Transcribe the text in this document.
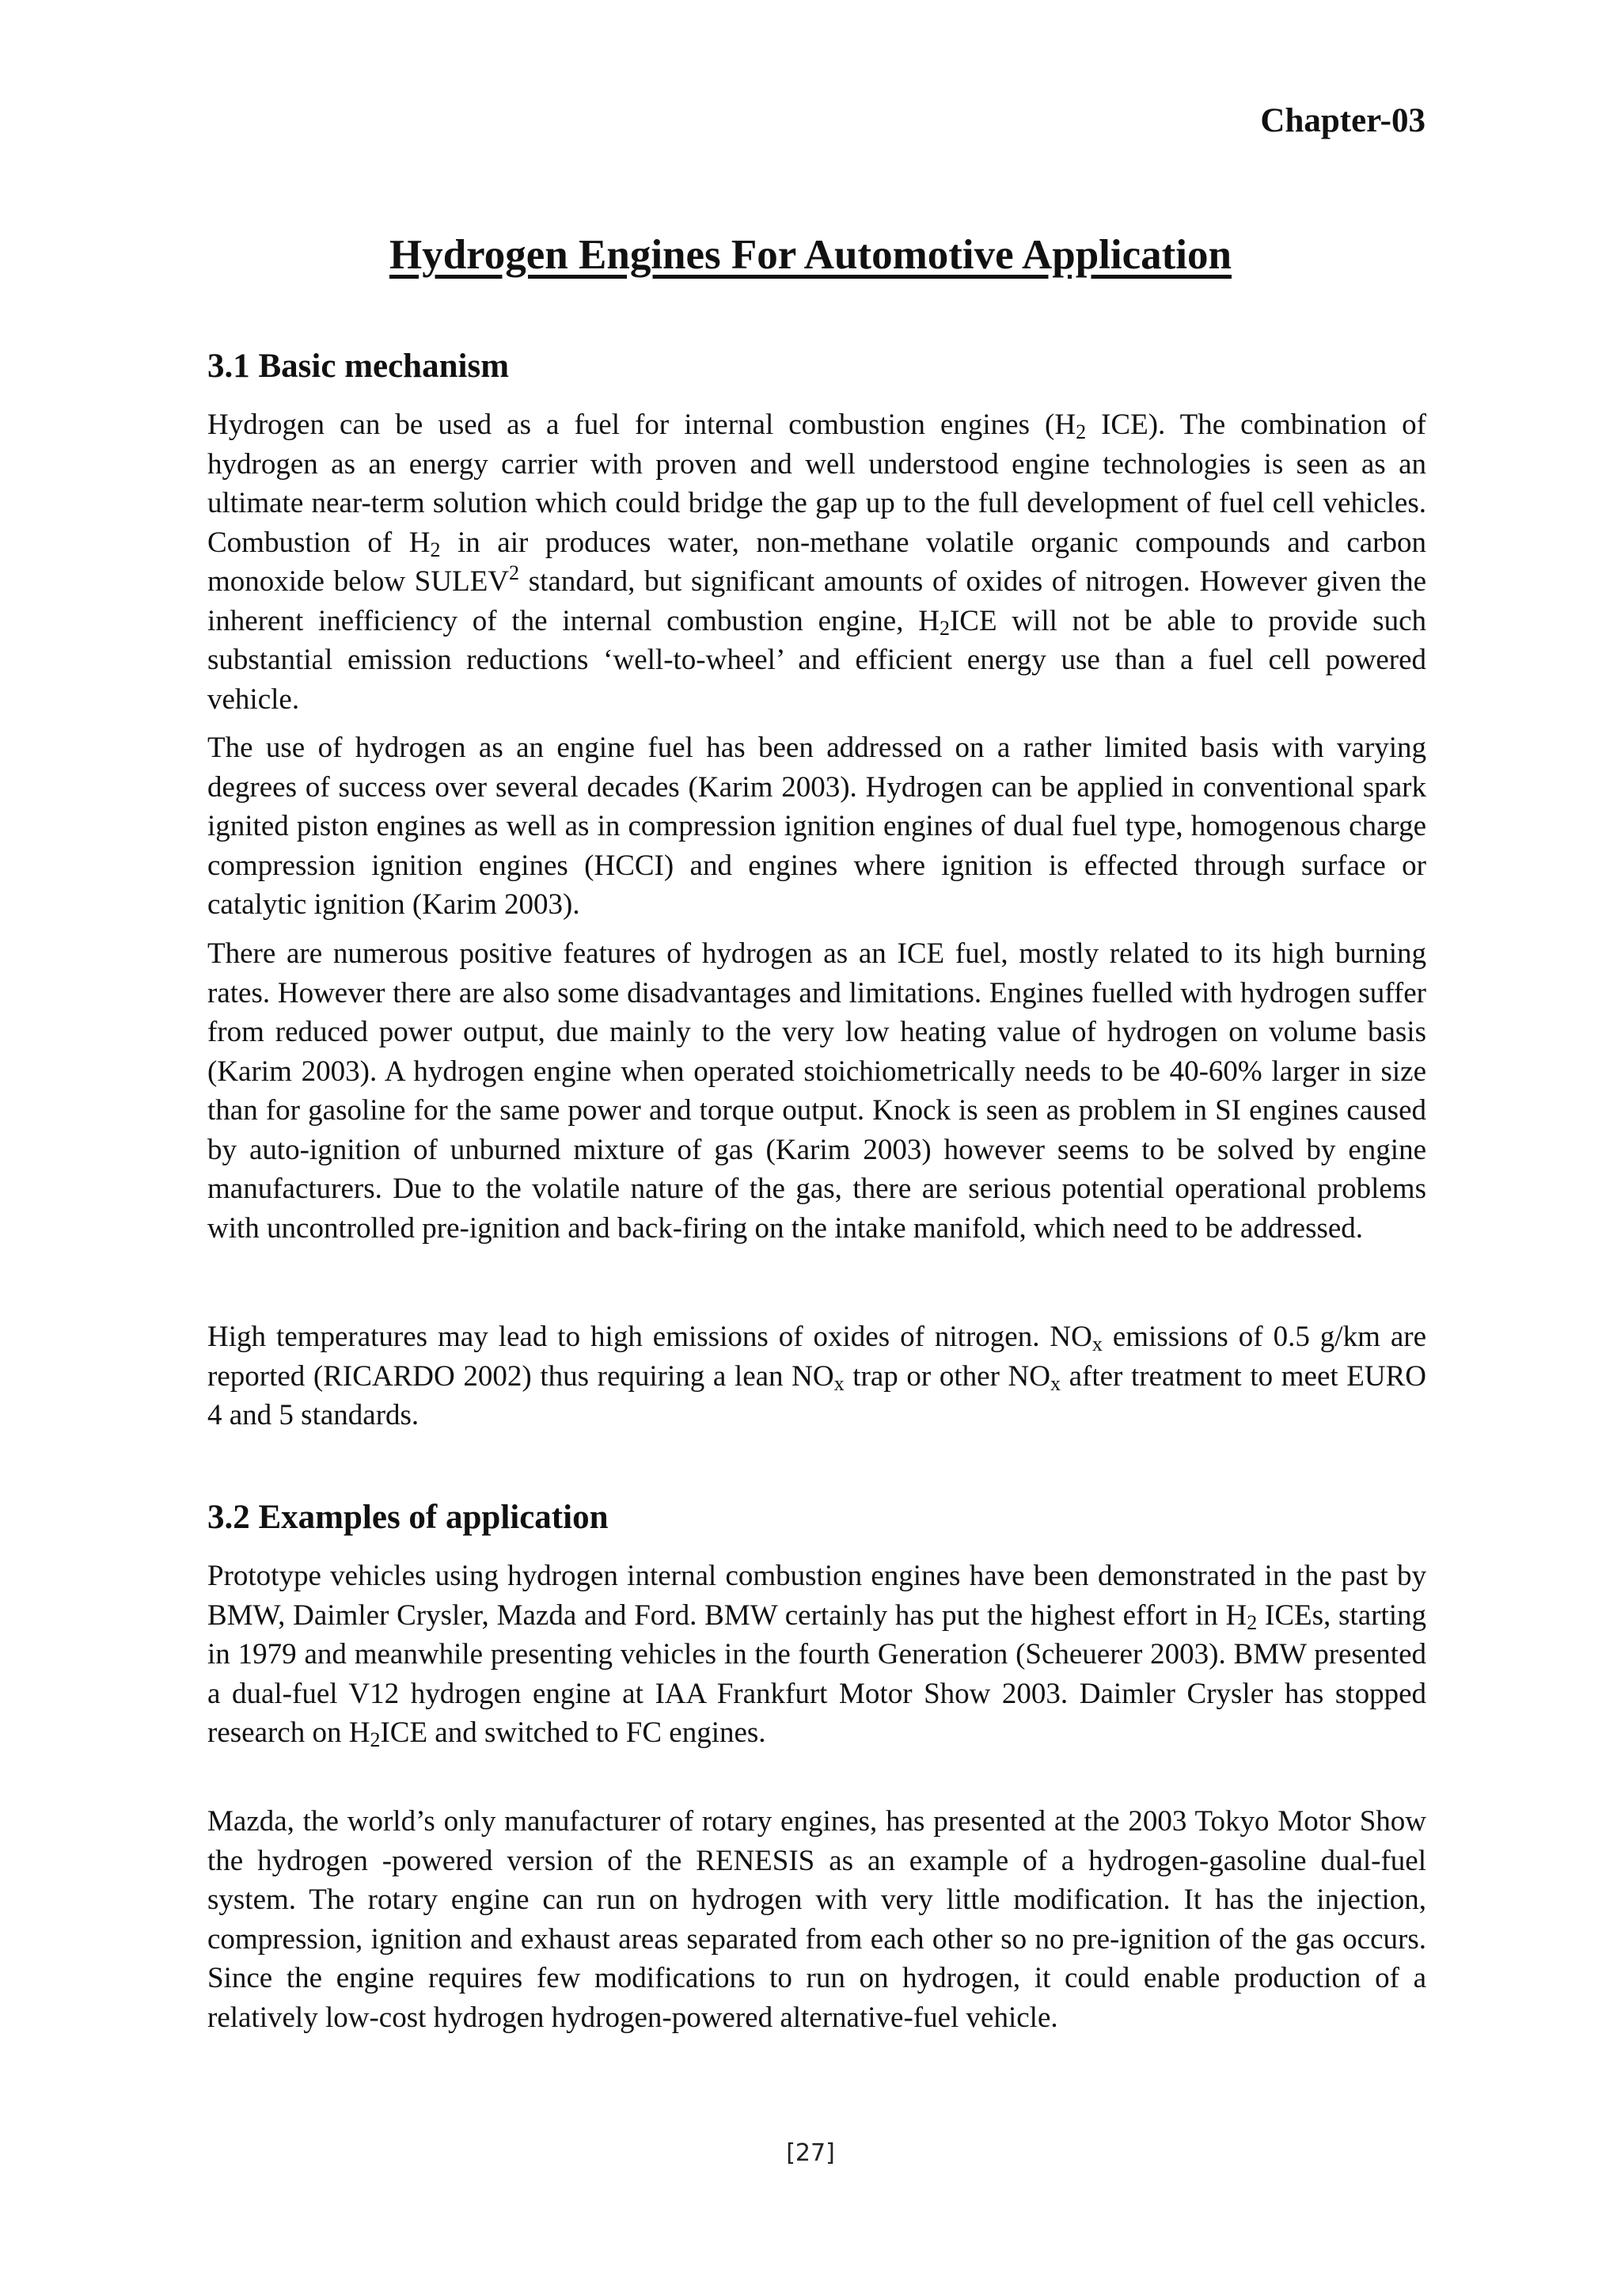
Chapter-03
Hydrogen Engines For Automotive Application
3.1 Basic mechanism
Hydrogen can be used as a fuel for internal combustion engines ($H_2$ ICE). The combination of hydrogen as an energy carrier with proven and well understood engine technologies is seen as an ultimate near-term solution which could bridge the gap up to the full development of fuel cell vehicles. Combustion of $H_2$ in air produces water, non-methane volatile organic compounds and carbon monoxide below SULEV$^2$ standard, but significant amounts of oxides of nitrogen. However given the inherent inefficiency of the internal combustion engine, $H_2ICE$ will not be able to provide such substantial emission reductions ‘well-to-wheel’ and efficient energy use than a fuel cell powered vehicle.
The use of hydrogen as an engine fuel has been addressed on a rather limited basis with varying degrees of success over several decades (Karim 2003). Hydrogen can be applied in conventional spark ignited piston engines as well as in compression ignition engines of dual fuel type, homogenous charge compression ignition engines (HCCI) and engines where ignition is effected through surface or catalytic ignition (Karim 2003).
There are numerous positive features of hydrogen as an ICE fuel, mostly related to its high burning rates. However there are also some disadvantages and limitations. Engines fuelled with hydrogen suffer from reduced power output, due mainly to the very low heating value of hydrogen on volume basis (Karim 2003). A hydrogen engine when operated stoichiometrically needs to be 40-60% larger in size than for gasoline for the same power and torque output. Knock is seen as problem in SI engines caused by auto-ignition of unburned mixture of gas (Karim 2003) however seems to be solved by engine manufacturers. Due to the volatile nature of the gas, there are serious potential operational problems with uncontrolled pre-ignition and back-firing on the intake manifold, which need to be addressed.
High temperatures may lead to high emissions of oxides of nitrogen. $NO_x$ emissions of 0.5 g/km are reported (RICARDO 2002) thus requiring a lean $NO_x$ trap or other $NO_x$ after treatment to meet EURO 4 and 5 standards.
3.2 Examples of application
Prototype vehicles using hydrogen internal combustion engines have been demonstrated in the past by BMW, Daimler Crysler, Mazda and Ford. BMW certainly has put the highest effort in $H_2$ ICEs, starting in 1979 and meanwhile presenting vehicles in the fourth Generation (Scheuerer 2003). BMW presented a dual-fuel V12 hydrogen engine at IAA Frankfurt Motor Show 2003. Daimler Crysler has stopped research on $H_2ICE$ and switched to FC engines.
Mazda, the world’s only manufacturer of rotary engines, has presented at the 2003 Tokyo Motor Show the hydrogen -powered version of the RENESIS as an example of a hydrogen-gasoline dual-fuel system. The rotary engine can run on hydrogen with very little modification. It has the injection, compression, ignition and exhaust areas separated from each other so no pre-ignition of the gas occurs. Since the engine requires few modifications to run on hydrogen, it could enable production of a relatively low-cost hydrogen hydrogen-powered alternative-fuel vehicle.
[27]
